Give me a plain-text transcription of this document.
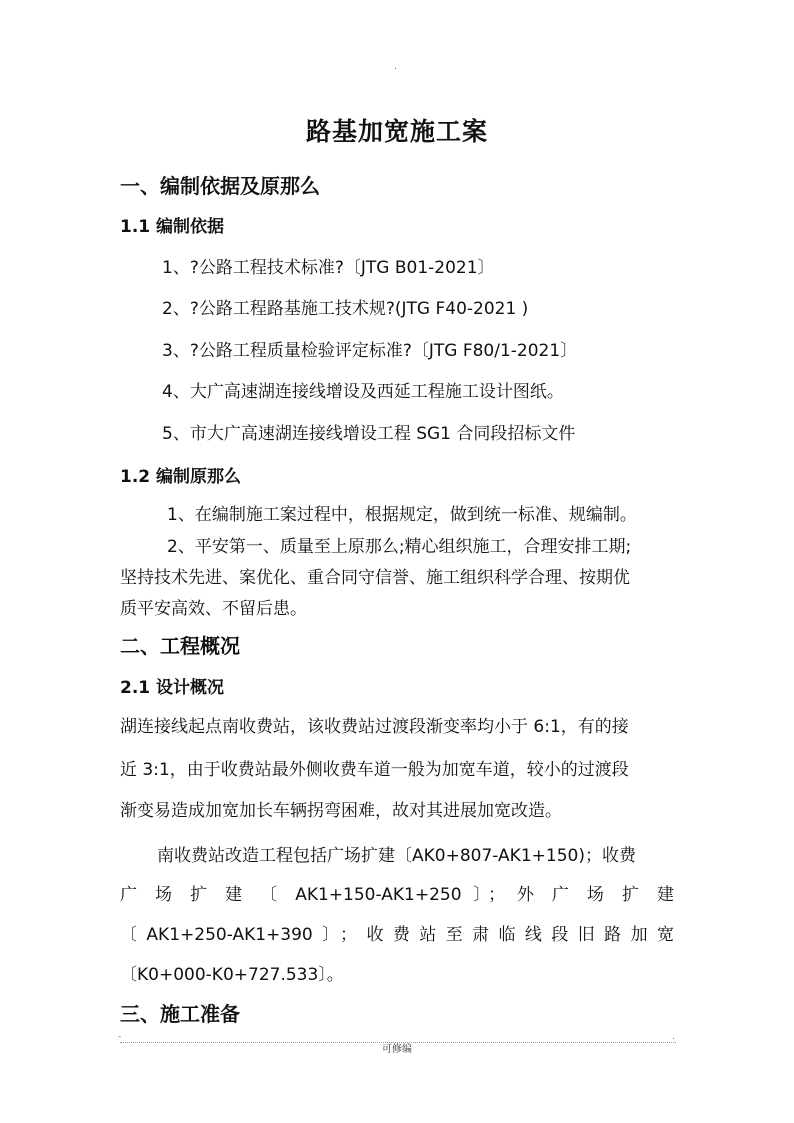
.
路基加宽施工案
一、编制依据及原那么
1.1 编制依据
1、?公路工程技术标准?〔JTG B01-2021〕
2、?公路工程路基施工技术规?(JTG F40-2021 )
3、?公路工程质量检验评定标准?〔JTG F80/1-2021〕
4、大广高速湖连接线增设及西延工程施工设计图纸。
5、市大广高速湖连接线增设工程 SG1 合同段招标文件
1.2 编制原那么
1、在编制施工案过程中，根据规定，做到统一标准、规编制。
2、平安第一、质量至上原那么;精心组织施工，合理安排工期;
坚持技术先进、案优化、重合同守信誉、施工组织科学合理、按期优
质平安高效、不留后患。
二、工程概况
2.1 设计概况
湖连接线起点南收费站，该收费站过渡段渐变率均小于 6:1，有的接
近 3:1，由于收费站最外侧收费车道一般为加宽车道，较小的过渡段
渐变易造成加宽加长车辆拐弯困难，故对其进展加宽改造。
南收费站改造工程包括广场扩建〔AK0+807-AK1+150)；收费
广 场 扩 建 〔 AK1+150-AK1+250 〕； 外 广 场 扩 建
〔AK1+250-AK1+390〕；收费站至肃临线段旧路加宽
〔K0+000-K0+727.533〕。
三、施工准备
-
可修编
.
